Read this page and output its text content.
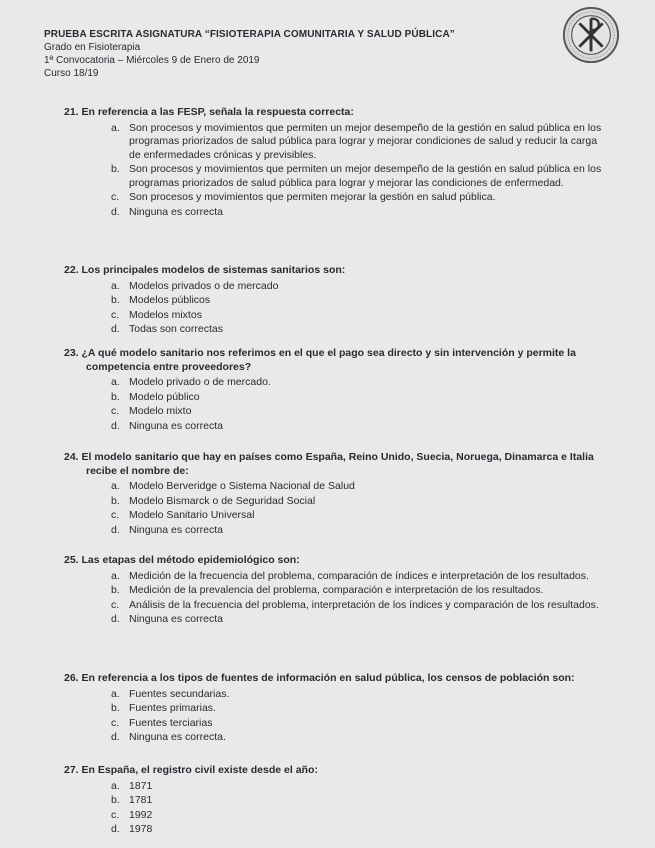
PRUEBA ESCRITA ASIGNATURA “FISIOTERAPIA COMUNITARIA Y SALUD PÚBLICA”
Grado en Fisioterapia
1ª Convocatoria – Miércoles 9 de Enero de 2019
Curso 18/19
21. En referencia a las FESP, señala la respuesta correcta:
a. Son procesos y movimientos que permiten un mejor desempeño de la gestión en salud pública en los programas priorizados de salud pública para lograr y mejorar condiciones de salud y reducir la carga de enfermedades crónicas y previsibles.
b. Son procesos y movimientos que permiten un mejor desempeño de la gestión en salud pública en los programas priorizados de salud pública para lograr y mejorar las condiciones de enfermedad.
c. Son procesos y movimientos que permiten mejorar la gestión en salud pública.
d. Ninguna es correcta
22. Los principales modelos de sistemas sanitarios son:
a. Modelos privados o de mercado
b. Modelos públicos
c. Modelos mixtos
d. Todas son correctas
23. ¿A qué modelo sanitario nos referimos en el que el pago sea directo y sin intervención y permite la competencia entre proveedores?
a. Modelo privado o de mercado.
b. Modelo público
c. Modelo mixto
d. Ninguna es correcta
24. El modelo sanitario que hay en países como España, Reino Unido, Suecia, Noruega, Dinamarca e Italia recibe el nombre de:
a. Modelo Berveridge o Sistema Nacional de Salud
b. Modelo Bismarck o de Seguridad Social
c. Modelo Sanitario Universal
d. Ninguna es correcta
25. Las etapas del método epidemiológico son:
a. Medición de la frecuencia del problema, comparación de índices e interpretación de los resultados.
b. Medición de la prevalencia del problema, comparación e interpretación de los resultados.
c. Análisis de la frecuencia del problema, interpretación de los índices y comparación de los resultados.
d. Ninguna es correcta
26. En referencia a los tipos de fuentes de información en salud pública, los censos de población son:
a. Fuentes secundarias.
b. Fuentes primarias.
c. Fuentes terciarias
d. Ninguna es correcta.
27. En España, el registro civil existe desde el año:
a. 1871
b. 1781
c. 1992
d. 1978
